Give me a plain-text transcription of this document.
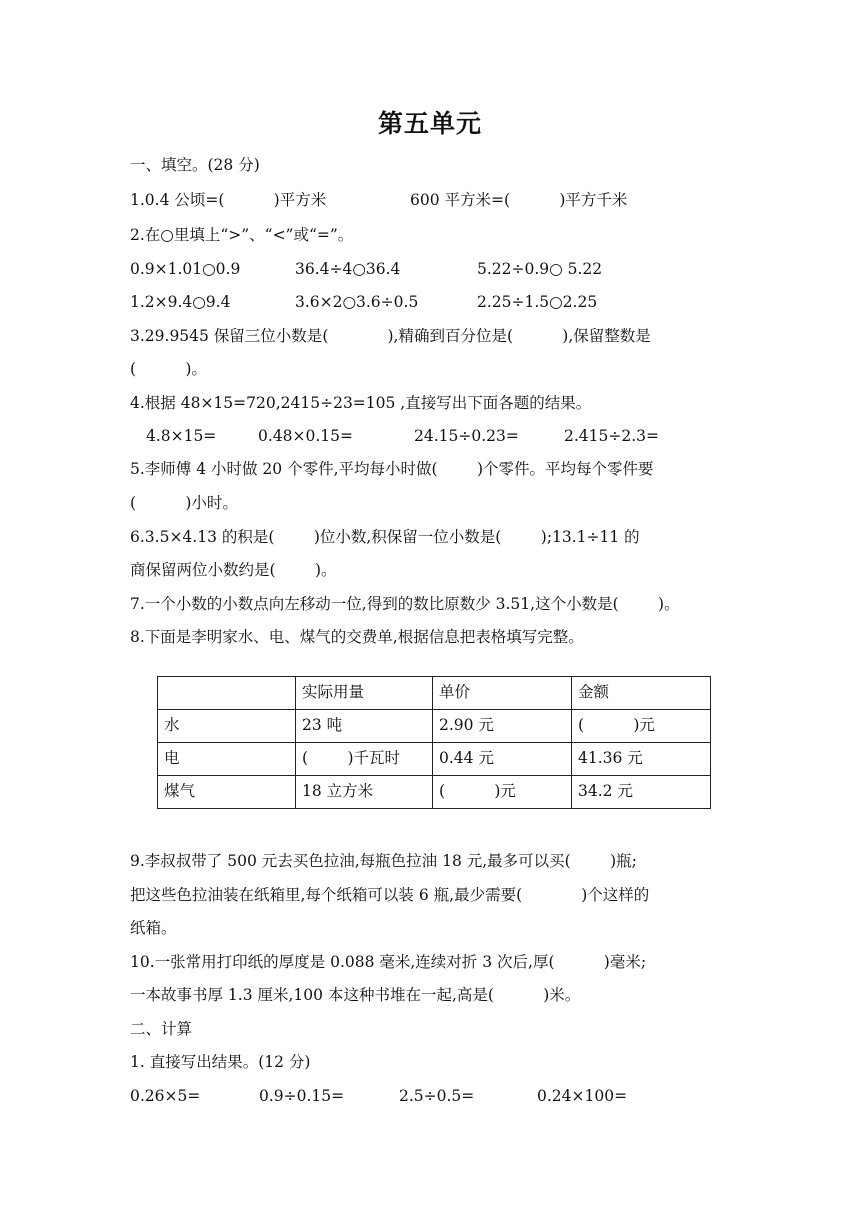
第五单元
一、填空。(28 分)
1.0.4 公顷=(          )平方米	600 平方米=(          )平方千米
2.在○里填上“>”、“<”或“=”。
0.9×1.01○0.9	36.4÷4○36.4	5.22÷0.9○ 5.22
1.2×9.4○9.4	3.6×2○3.6÷0.5	2.25÷1.5○2.25
3.29.9545 保留三位小数是(            ),精确到百分位是(          ),保留整数是
(          )。
4.根据 48×15=720,2415÷23=105 ,直接写出下面各题的结果。
4.8×15=	0.48×0.15=	24.15÷0.23=	2.415÷2.3=
5.李师傅 4 小时做 20 个零件,平均每小时做(        )个零件。平均每个零件要
(          )小时。
6.3.5×4.13 的积是(        )位小数,积保留一位小数是(        );13.1÷11 的
商保留两位小数约是(        )。
7.一个小数的小数点向左移动一位,得到的数比原数少 3.51,这个小数是(        )。
8.下面是李明家水、电、煤气的交费单,根据信息把表格填写完整。
	实际用量	单价	金额
水	23 吨	2.90 元	(          )元
电	(        )千瓦时	0.44 元	41.36 元
煤气	18 立方米	(          )元	34.2 元
9.李叔叔带了 500 元去买色拉油,每瓶色拉油 18 元,最多可以买(        )瓶;
把这些色拉油装在纸箱里,每个纸箱可以装 6 瓶,最少需要(            )个这样的
纸箱。
10.一张常用打印纸的厚度是 0.088 毫米,连续对折 3 次后,厚(          )毫米;
一本故事书厚 1.3 厘米,100 本这种书堆在一起,高是(          )米。
二、计算
1. 直接写出结果。(12 分)
0.26×5=	0.9÷0.15=	2.5÷0.5=	0.24×100=
